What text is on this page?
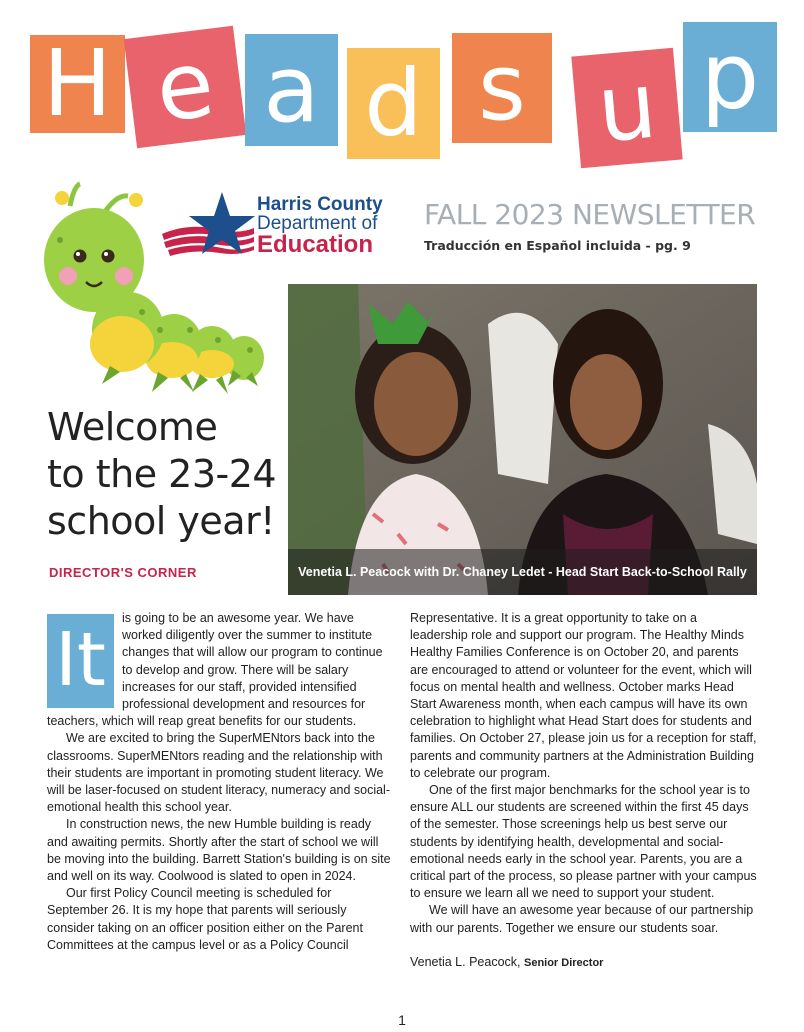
H e a d s u p
Harris County
Department of
Education
FALL 2023 NEWSLETTER
Traducción en Español incluida - pg. 9
Venetia L. Peacock with Dr. Chaney Ledet - Head Start Back-to-School Rally
Welcome
to the 23-24
school year!
DIRECTOR'S CORNER
It	is going to be an awesome year. We have worked diligently over the summer to institute changes that will allow our program to continue to develop and grow. There will be salary increases for our staff, provided intensified professional development and resources for teachers, which will reap great benefits for our students.

We are excited to bring the SuperMENtors back into the classrooms. SuperMENtors reading and the relationship with their students are important in promoting student literacy. We will be laser-focused on student literacy, numeracy and social-emotional health this school year.

In construction news, the new Humble building is ready and awaiting permits. Shortly after the start of school we will be moving into the building. Barrett Station's building is on site and well on its way. Coolwood is slated to open in 2024.

Our first Policy Council meeting is scheduled for September 26. It is my hope that parents will seriously consider taking on an officer position either on the Parent Committees at the campus level or as a Policy Council

Representative. It is a great opportunity to take on a leadership role and support our program. The Healthy Minds Healthy Families Conference is on October 20, and parents are encouraged to attend or volunteer for the event, which will focus on mental health and wellness. October marks Head Start Awareness month, when each campus will have its own celebration to highlight what Head Start does for students and families. On October 27, please join us for a reception for staff, parents and community partners at the Administration Building to celebrate our program.

One of the first major benchmarks for the school year is to ensure ALL our students are screened within the first 45 days of the semester. Those screenings help us best serve our students by identifying health, developmental and social-emotional needs early in the school year. Parents, you are a critical part of the process, so please partner with your campus to ensure we learn all we need to support your student.

We will have an awesome year because of our partnership with our parents. Together we ensure our students soar.

Venetia L. Peacock, Senior Director
1
